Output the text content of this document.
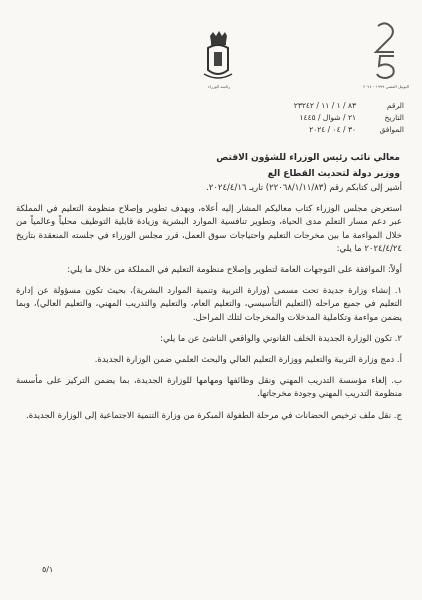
رئاسة الوزراء	اليوبيل الفضي ١٩٩٩ - ٢٠٢٤
الرقم
٨٣ / ١ / ١١ / ٢٣٢٤٢
التاريخ
٢١ / شوال / ١٤٤٥
الموافق
٣٠ / ٠٤ / ٢٠٢٤
معالي نائب رئيس الوزراء للشؤون الاقتص
ووزير دولة لتحديث القطاع الع

أشير إلى كتابكم رقم (٢٢٠٦٨/١/١١/٨٣) تاريـ ٢٠٢٤/٤/١٦.

استعرض مجلس الوزراء كتاب معاليكم المشار إليه أعلاه، وبهدف تطوير وإصلاح منظومة التعليم في المملكة عبر دعم مسار التعلم مدى الحياة، وتطوير تنافسية الموارد البشرية وزيادة قابلية التوظيف محلياً وعالمياً من خلال المواءمة ما بين مخرجات التعليم واحتياجات سوق العمل، قرر مجلس الوزراء في جلسته المنعقدة بتاريخ ٢٠٢٤/٤/٢٤ ما يلي:

أولاً: الموافقة على التوجهات العامة لتطوير وإصلاح منظومة التعليم في المملكة من خلال ما يلي:

١. إنشاء وزارة جديدة تحت مسمى (وزارة التربية وتنمية الموارد البشرية)، بحيث تكون مسؤولة عن إدارة التعليم في جميع مراحله (التعليم التأسيسي، والتعليم العام، والتعليم والتدريب المهني، والتعليم العالي)، وبما يضمن مواءمة وتكاملية المدخلات والمخرجات لتلك المراحل.

٢. تكون الوزارة الجديدة الخلف القانوني والواقعي الناشئ عن ما يلي:

أ. دمج وزارة التربية والتعليم ووزارة التعليم العالي والبحث العلمي ضمن الوزارة الجديدة.

ب. إلغاء مؤسسة التدريب المهني ونقل وظائفها ومهامها للوزارة الجديدة، بما يضمن التركيز على مأسسة منظومة التدريب المهني وجودة مخرجاتها.

ج. نقل ملف ترخيص الحضانات في مرحلة الطفولة المبكرة من وزارة التنمية الاجتماعية إلى الوزارة الجديدة.

٥/١
